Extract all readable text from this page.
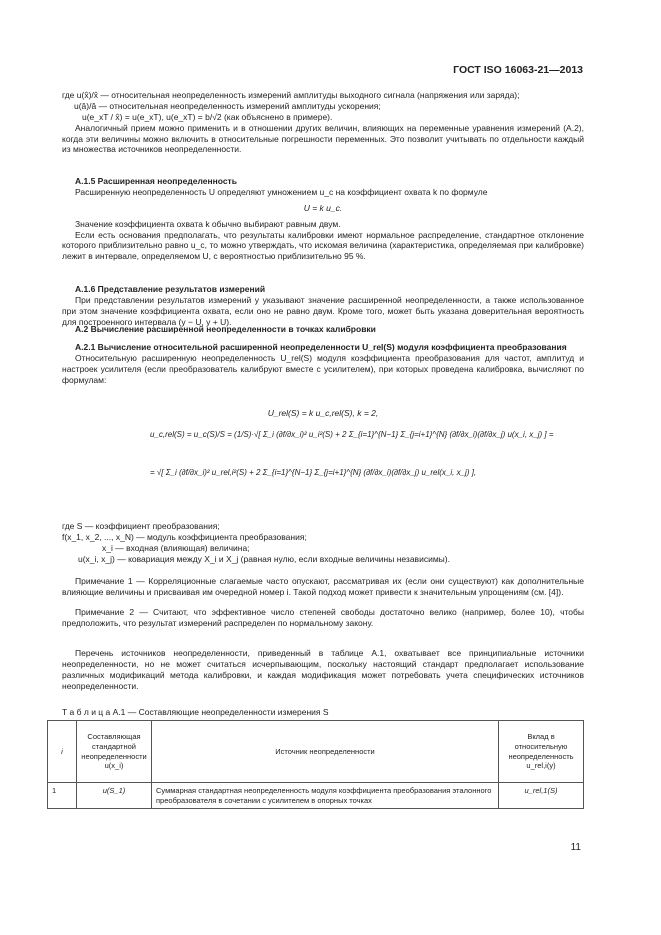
ГОСТ ISO 16063-21—2013

где u(x̂)/x̂ — относительная неопределенность измерений амплитуды выходного сигнала (напряжения или заряда);

u(â)/â — относительная неопределенность измерений амплитуды ускорения;

u(e_xT / x̂) = u(e_xT), u(e_xT) = b/√2 (как объяснено в примере).

Аналогичный прием можно применить и в отношении других величин, влияющих на переменные уравнения измерений (А.2), когда эти величины можно включить в относительные погрешности переменных. Это позволит учитывать по отдельности каждый из множества источников неопределенности.

А.1.5 Расширенная неопределенность

Расширенную неопределенность U определяют умножением u_c на коэффициент охвата k по формуле

U = k u_c.

Значение коэффициента охвата k обычно выбирают равным двум.

Если есть основания предполагать, что результаты калибровки имеют нормальное распределение, стандартное отклонение которого приблизительно равно u_c, то можно утверждать, что искомая величина (характеристика, определяемая при калибровке) лежит в интервале, определяемом U, с вероятностью приблизительно 95 %.

А.1.6 Представление результатов измерений

При представлении результатов измерений y указывают значение расширенной неопределенности, а также использованное при этом значение коэффициента охвата, если оно не равно двум. Кроме того, может быть указана доверительная вероятность для построенного интервала (y − U, y + U).

А.2 Вычисление расширенной неопределенности в точках калибровки

А.2.1 Вычисление относительной расширенной неопределенности U_rel(S) модуля коэффициента преобразования

Относительную расширенную неопределенность U_rel(S) модуля коэффициента преобразования для частот, амплитуд и настроек усилителя (если преобразователь калибруют вместе с усилителем), при которых проведена калибровка, вычисляют по формулам:

U_rel(S) = k u_c,rel(S), k = 2,
u_c,rel(S) = u_c(S)/S = (1/S)·√[ Σ_i (∂f/∂x_i)² u_i²(S) + 2 Σ_{i=1}^{N−1} Σ_{j=i+1}^{N} (∂f/∂x_i)(∂f/∂x_j) u(x_i, x_j) ] =
= √[ Σ_i (∂f/∂x_i)² u_rel,i²(S) + 2 Σ_{i=1}^{N−1} Σ_{j=i+1}^{N} (∂f/∂x_i)(∂f/∂x_j) u_rel(x_i, x_j) ],

где S — коэффициент преобразования;

f(x_1, x_2, ..., x_N) — модуль коэффициента преобразования;

x_i — входная (влияющая) величина;

u(x_i, x_j) — ковариация между X_i и X_j (равная нулю, если входные величины независимы).

Примечание 1 — Корреляционные слагаемые часто опускают, рассматривая их (если они существуют) как дополнительные влияющие величины и присваивая им очередной номер i. Такой подход может привести к значительным упрощениям (см. [4]).

Примечание 2 — Считают, что эффективное число степеней свободы достаточно велико (например, более 10), чтобы предположить, что результат измерений распределен по нормальному закону.

Перечень источников неопределенности, приведенный в таблице А.1, охватывает все принципиальные источники неопределенности, но не может считаться исчерпывающим, поскольку настоящий стандарт предполагает использование различных модификаций метода калибровки, и каждая модификация может потребовать учета специфических источников неопределенности.

Т а б л и ц а А.1 — Составляющие неопределенности измерения S
i	Составляющая стандартной неопределенности u(x_i)	Источник неопределенности	Вклад в относительную неопределенность u_rel,i(y)
1	u(S_1)	Суммарная стандартная неопределенность модуля коэффициента преобразования эталонного преобразователя в сочетании с усилителем в опорных точках	u_rel,1(S)
11
